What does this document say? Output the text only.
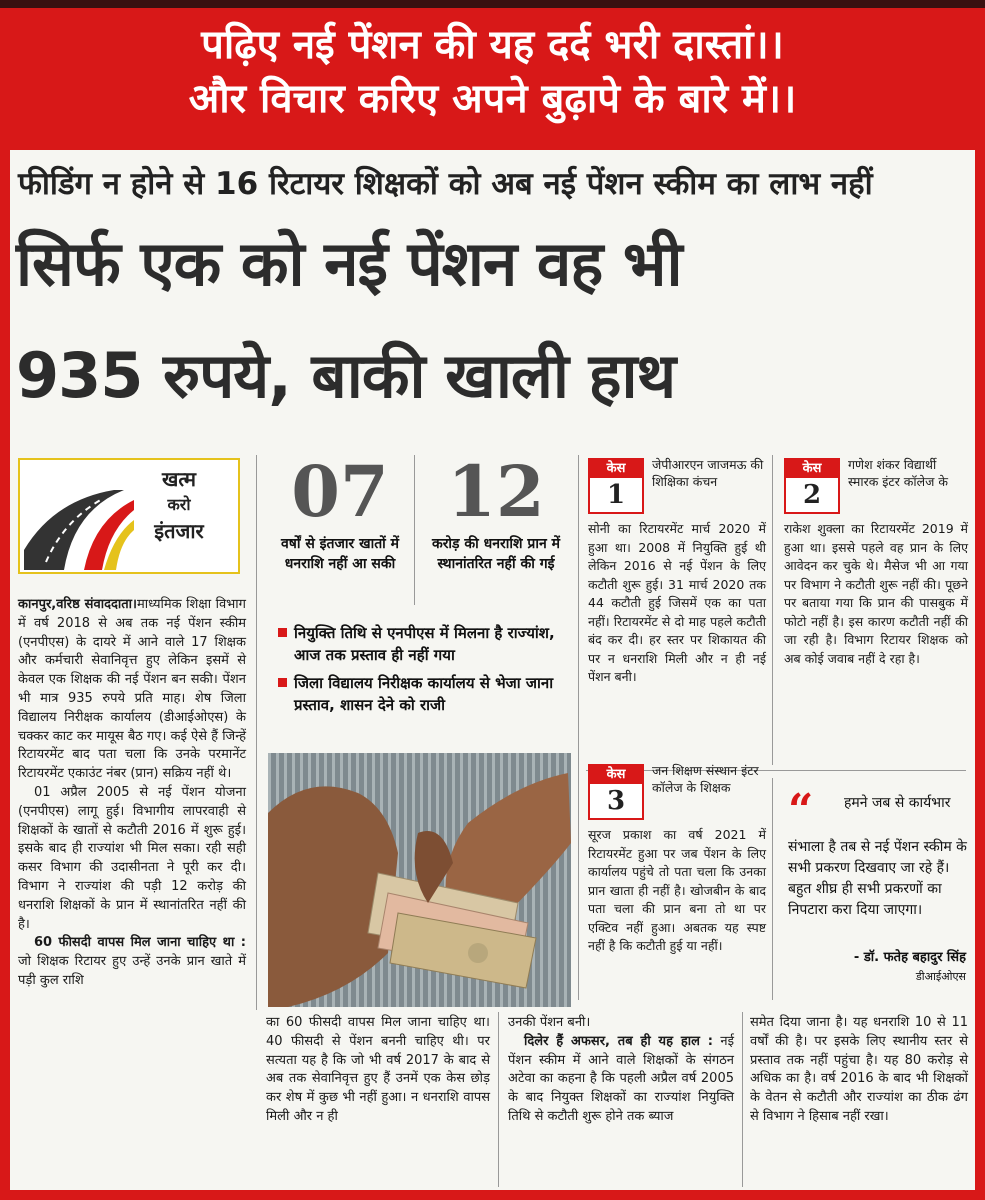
पढ़िए नई पेंशन की यह दर्द भरी दास्तां।।
और विचार करिए अपने बुढ़ापे के बारे में।।
फीडिंग न होने से 16 रिटायर शिक्षकों को अब नई पेंशन स्कीम का लाभ नहीं
सिर्फ एक को नई पेंशन वह भी
935 रुपये, बाकी खाली हाथ
खत्म
करो
इंतजार

कानपुर,वरिष्ठ संवाददाता।माध्यमिक शिक्षा विभाग में वर्ष 2018 से अब तक नई पेंशन स्कीम (एनपीएस) के दायरे में आने वाले 17 शिक्षक और कर्मचारी सेवानिवृत्त हुए लेकिन इसमें से केवल एक शिक्षक की नई पेंशन बन सकी। पेंशन भी मात्र 935 रुपये प्रति माह। शेष जिला विद्यालय निरीक्षक कार्यालय (डीआईओएस) के चक्कर काट कर मायूस बैठ गए। कई ऐसे हैं जिन्हें रिटायरमेंट बाद पता चला कि उनके परमानेंट रिटायरमेंट एकाउंट नंबर (प्रान) सक्रिय नहीं थे।

01 अप्रैल 2005 से नई पेंशन योजना (एनपीएस) लागू हुई। विभागीय लापरवाही से शिक्षकों के खातों से कटौती 2016 में शुरू हुई। इसके बाद ही राज्यांश भी मिल सका। रही सही कसर विभाग की उदासीनता ने पूरी कर दी। विभाग ने राज्यांश की पड़ी 12 करोड़ की धनराशि शिक्षकों के प्रान में स्थानांतरित नहीं की है।

60 फीसदी वापस मिल जाना चाहिए था : जो शिक्षक रिटायर हुए उन्हें उनके प्रान खाते में पड़ी कुल राशि

07
वर्षों से इंतजार खातों में धनराशि नहीं आ सकी
12
करोड़ की धनराशि प्रान में स्थानांतरित नहीं की गई
नियुक्ति तिथि से एनपीएस में मिलना है राज्यांश, आज तक प्रस्ताव ही नहीं गया
जिला विद्यालय निरीक्षक कार्यालय से भेजा जाना प्रस्ताव, शासन देने को राजी
केस
1
जेपीआरएन जाजमऊ की शिक्षिका कंचन
सोनी का रिटायरमेंट मार्च 2020 में हुआ था। 2008 में नियुक्ति हुई थी लेकिन 2016 से नई पेंशन के लिए कटौती शुरू हुई। 31 मार्च 2020 तक 44 कटौती हुई जिसमें एक का पता नहीं। रिटायरमेंट से दो माह पहले कटौती बंद कर दी। हर स्तर पर शिकायत की पर न धनराशि मिली और न ही नई पेंशन बनी।
केस
2
गणेश शंकर विद्यार्थी स्मारक इंटर कॉलेज के
राकेश शुक्ला का रिटायरमेंट 2019 में हुआ था। इससे पहले वह प्रान के लिए आवेदन कर चुके थे। मैसेज भी आ गया पर विभाग ने कटौती शुरू नहीं की। पूछने पर बताया गया कि प्रान की पासबुक में फोटो नहीं है। इस कारण कटौती नहीं की जा रही है। विभाग रिटायर शिक्षक को अब कोई जवाब नहीं दे रहा है।
केस
3
जन शिक्षण संस्थान इंटर कॉलेज के शिक्षक
सूरज प्रकाश का वर्ष 2021 में रिटायरमेंट हुआ पर जब पेंशन के लिए कार्यालय पहुंचे तो पता चला कि उनका प्रान खाता ही नहीं है। खोजबीन के बाद पता चला की प्रान बना तो था पर एक्टिव नहीं हुआ। अबतक यह स्पष्ट नहीं है कि कटौती हुई या नहीं।
“ हमने जब से कार्यभार
संभाला है तब से नई पेंशन स्कीम के सभी प्रकरण दिखवाए जा रहे हैं। बहुत शीघ्र ही सभी प्रकरणों का निपटारा करा दिया जाएगा।
- डॉ. फतेह बहादुर सिंह
डीआईओएस
का 60 फीसदी वापस मिल जाना चाहिए था। 40 फीसदी से पेंशन बननी चाहिए थी। पर सत्यता यह है कि जो भी वर्ष 2017 के बाद से अब तक सेवानिवृत्त हुए हैं उनमें एक केस छोड़ कर शेष में कुछ भी नहीं हुआ। न धनराशि वापस मिली और न ही

उनकी पेंशन बनी।

दिलेर हैं अफसर, तब ही यह हाल : नई पेंशन स्कीम में आने वाले शिक्षकों के संगठन अटेवा का कहना है कि पहली अप्रैल वर्ष 2005 के बाद नियुक्त शिक्षकों का राज्यांश नियुक्ति तिथि से कटौती शुरू होने तक ब्याज

समेत दिया जाना है। यह धनराशि 10 से 11 वर्षों की है। पर इसके लिए स्थानीय स्तर से प्रस्ताव तक नहीं पहुंचा है। यह 80 करोड़ से अधिक का है। वर्ष 2016 के बाद भी शिक्षकों के वेतन से कटौती और राज्यांश का ठीक ढंग से विभाग ने हिसाब नहीं रखा।
